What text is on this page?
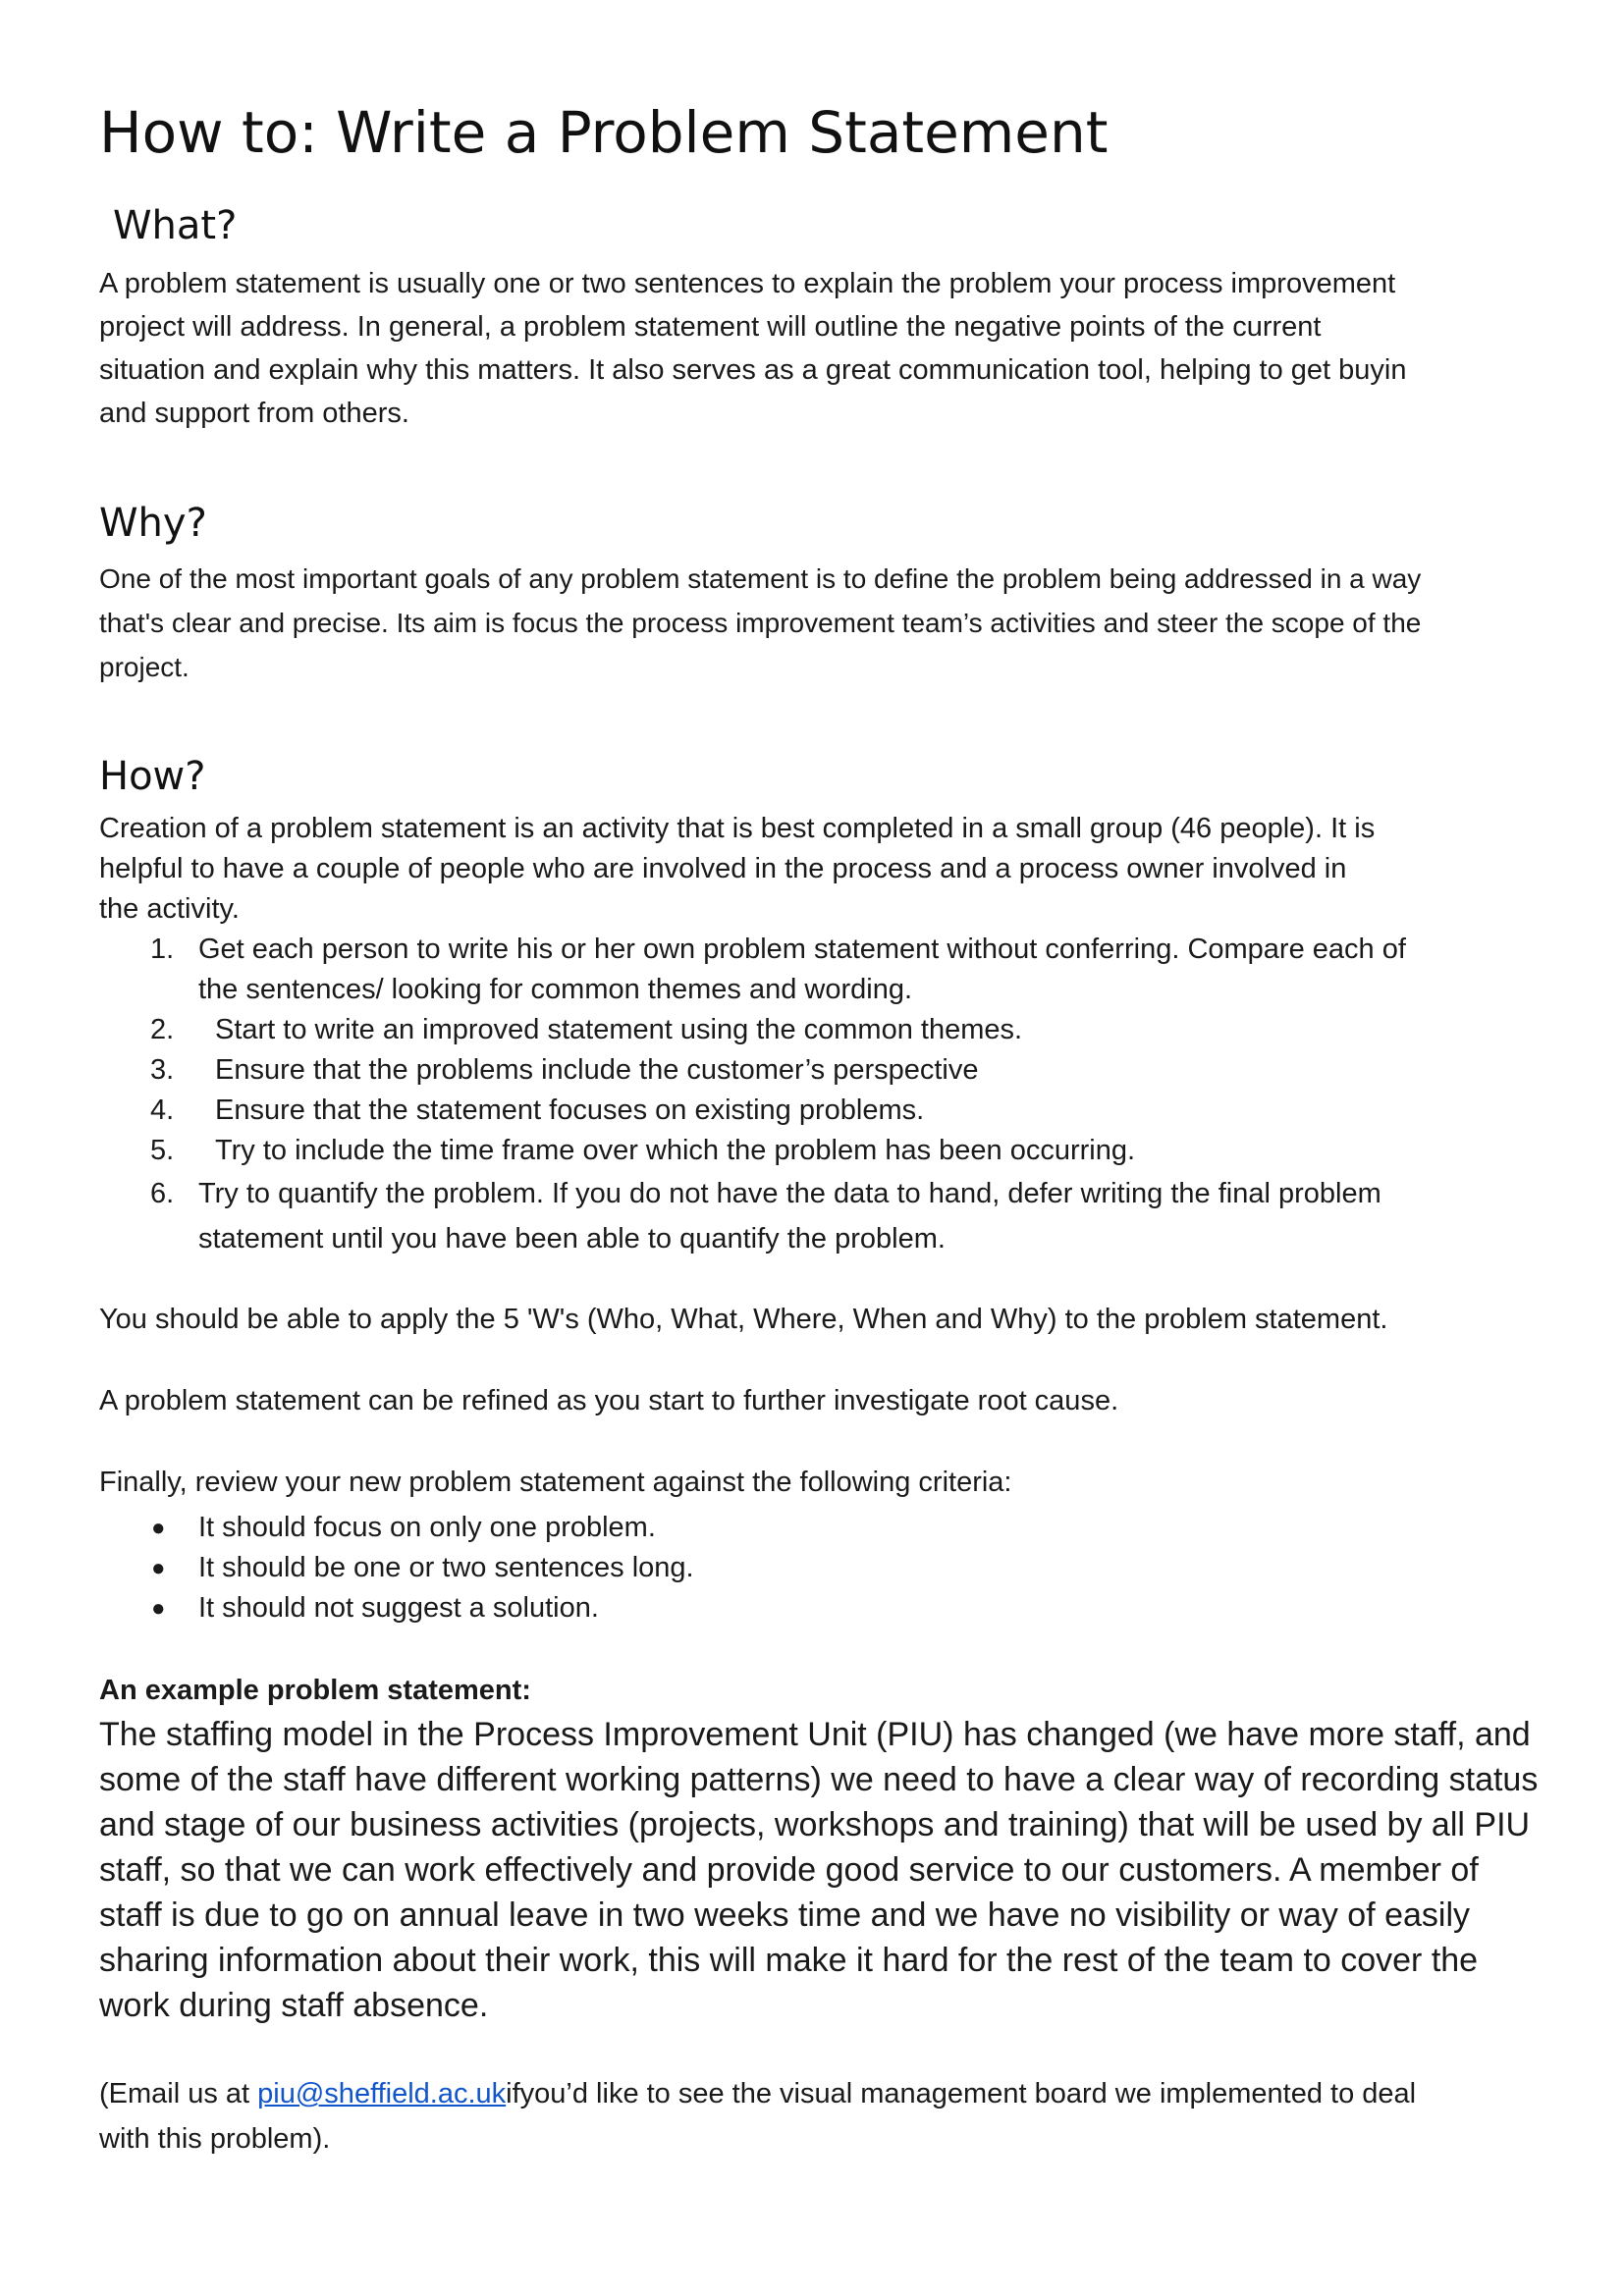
How to: Write a Problem Statement
What?
A problem statement is usually one or two sentences to explain the problem your process improvement
project will address. In general, a problem statement will outline the negative points of the current
situation and explain why this matters. It also serves as a great communication tool, helping to get buyin
and support from others.
Why?
One of the most important goals of any problem statement is to define the problem being addressed in a way
that's clear and precise. Its aim is focus the process improvement team’s activities and steer the scope of the
project.
How?
Creation of a problem statement is an activity that is best completed in a small group (46 people). It is
helpful to have a couple of people who are involved in the process and a process owner involved in
the activity.
1. Get each person to write his or her own problem statement without conferring. Compare each of
the sentences/ looking for common themes and wording.
2.	Start to write an improved statement using the common themes.
3.	Ensure that the problems include the customer’s perspective
4.	Ensure that the statement focuses on existing problems.
5.	Try to include the time frame over which the problem has been occurring.
6. Try to quantify the problem. If you do not have the data to hand, defer writing the final problem
statement until you have been able to quantify the problem.

You should be able to apply the 5 'W's (Who, What, Where, When and Why) to the problem statement.

A problem statement can be refined as you start to further investigate root cause.

Finally, review your new problem statement against the following criteria:

●	It should focus on only one problem.
●	It should be one or two sentences long.
●	It should not suggest a solution.

An example problem statement:

The staffing model in the Process Improvement Unit (PIU) has changed (we have more staff, and
some of the staff have different working patterns) we need to have a clear way of recording status
and stage of our business activities (projects, workshops and training) that will be used by all PIU
staff, so that we can work effectively and provide good service to our customers. A member of
staff is due to go on annual leave in two weeks time and we have no visibility or way of easily
sharing information about their work, this will make it hard for the rest of the team to cover the
work during staff absence.
(Email us at piu@sheffield.ac.ukifyou’d like to see the visual management board we implemented to deal
with this problem).
